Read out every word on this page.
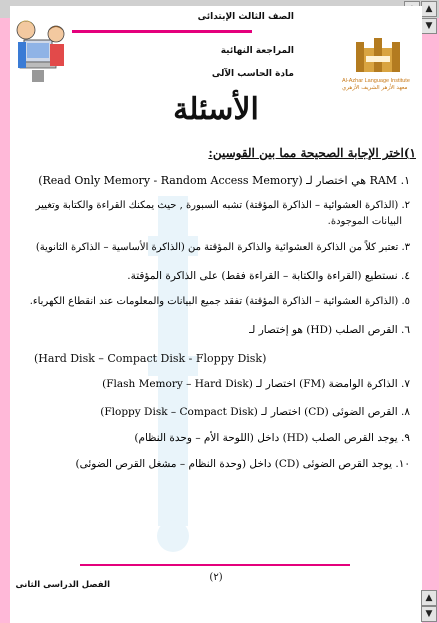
▲
▼
الصف الثالث الإبتدائى
المراجعة النهائية
مادة الحاسب الآلى
Al-Azhar Language Institute
معهد الأزهر الشريف الأزهري
الأسئلة
١)اختر الإجابة الصحيحة مما بين القوسين:
١. RAM هي اختصار لـ (Read Only Memory - Random Access Memory)
٢. (الذاكرة العشوائية – الذاكرة المؤقتة) تشبه السبورة , حيث يمكنك القراءة والكتابة وتغيير
البيانات الموجودة.
٣. تعتبر كلاً من الذاكرة العشوائية والذاكرة المؤقتة من (الذاكرة الأساسية – الذاكرة الثانوية)
٤. نستطيع (القراءة والكتابة – القراءة فقط) على الذاكرة المؤقتة.
٥. (الذاكرة العشوائية – الذاكرة المؤقتة) تفقد جميع البيانات والمعلومات عند انقطاع الكهرباء.
٦. القرص الصلب (HD) هو إختصار لـ
(Hard Disk – Compact Disk - Floppy Disk)
٧. الذاكرة الوامضة (FM) اختصار لـ (Flash Memory – Hard Disk)
٨. القرص الضوئى (CD) اختصار لـ (Floppy Disk – Compact Disk)
٩. يوجد القرص الصلب (HD) داخل (اللوحة الأم – وحدة النظام)
١٠. يوجد القرص الضوئى (CD) داخل (وحدة النظام – مشغل القرص الضوئى)
(٢)
الفصل الدراسى الثانى
▲
▼
